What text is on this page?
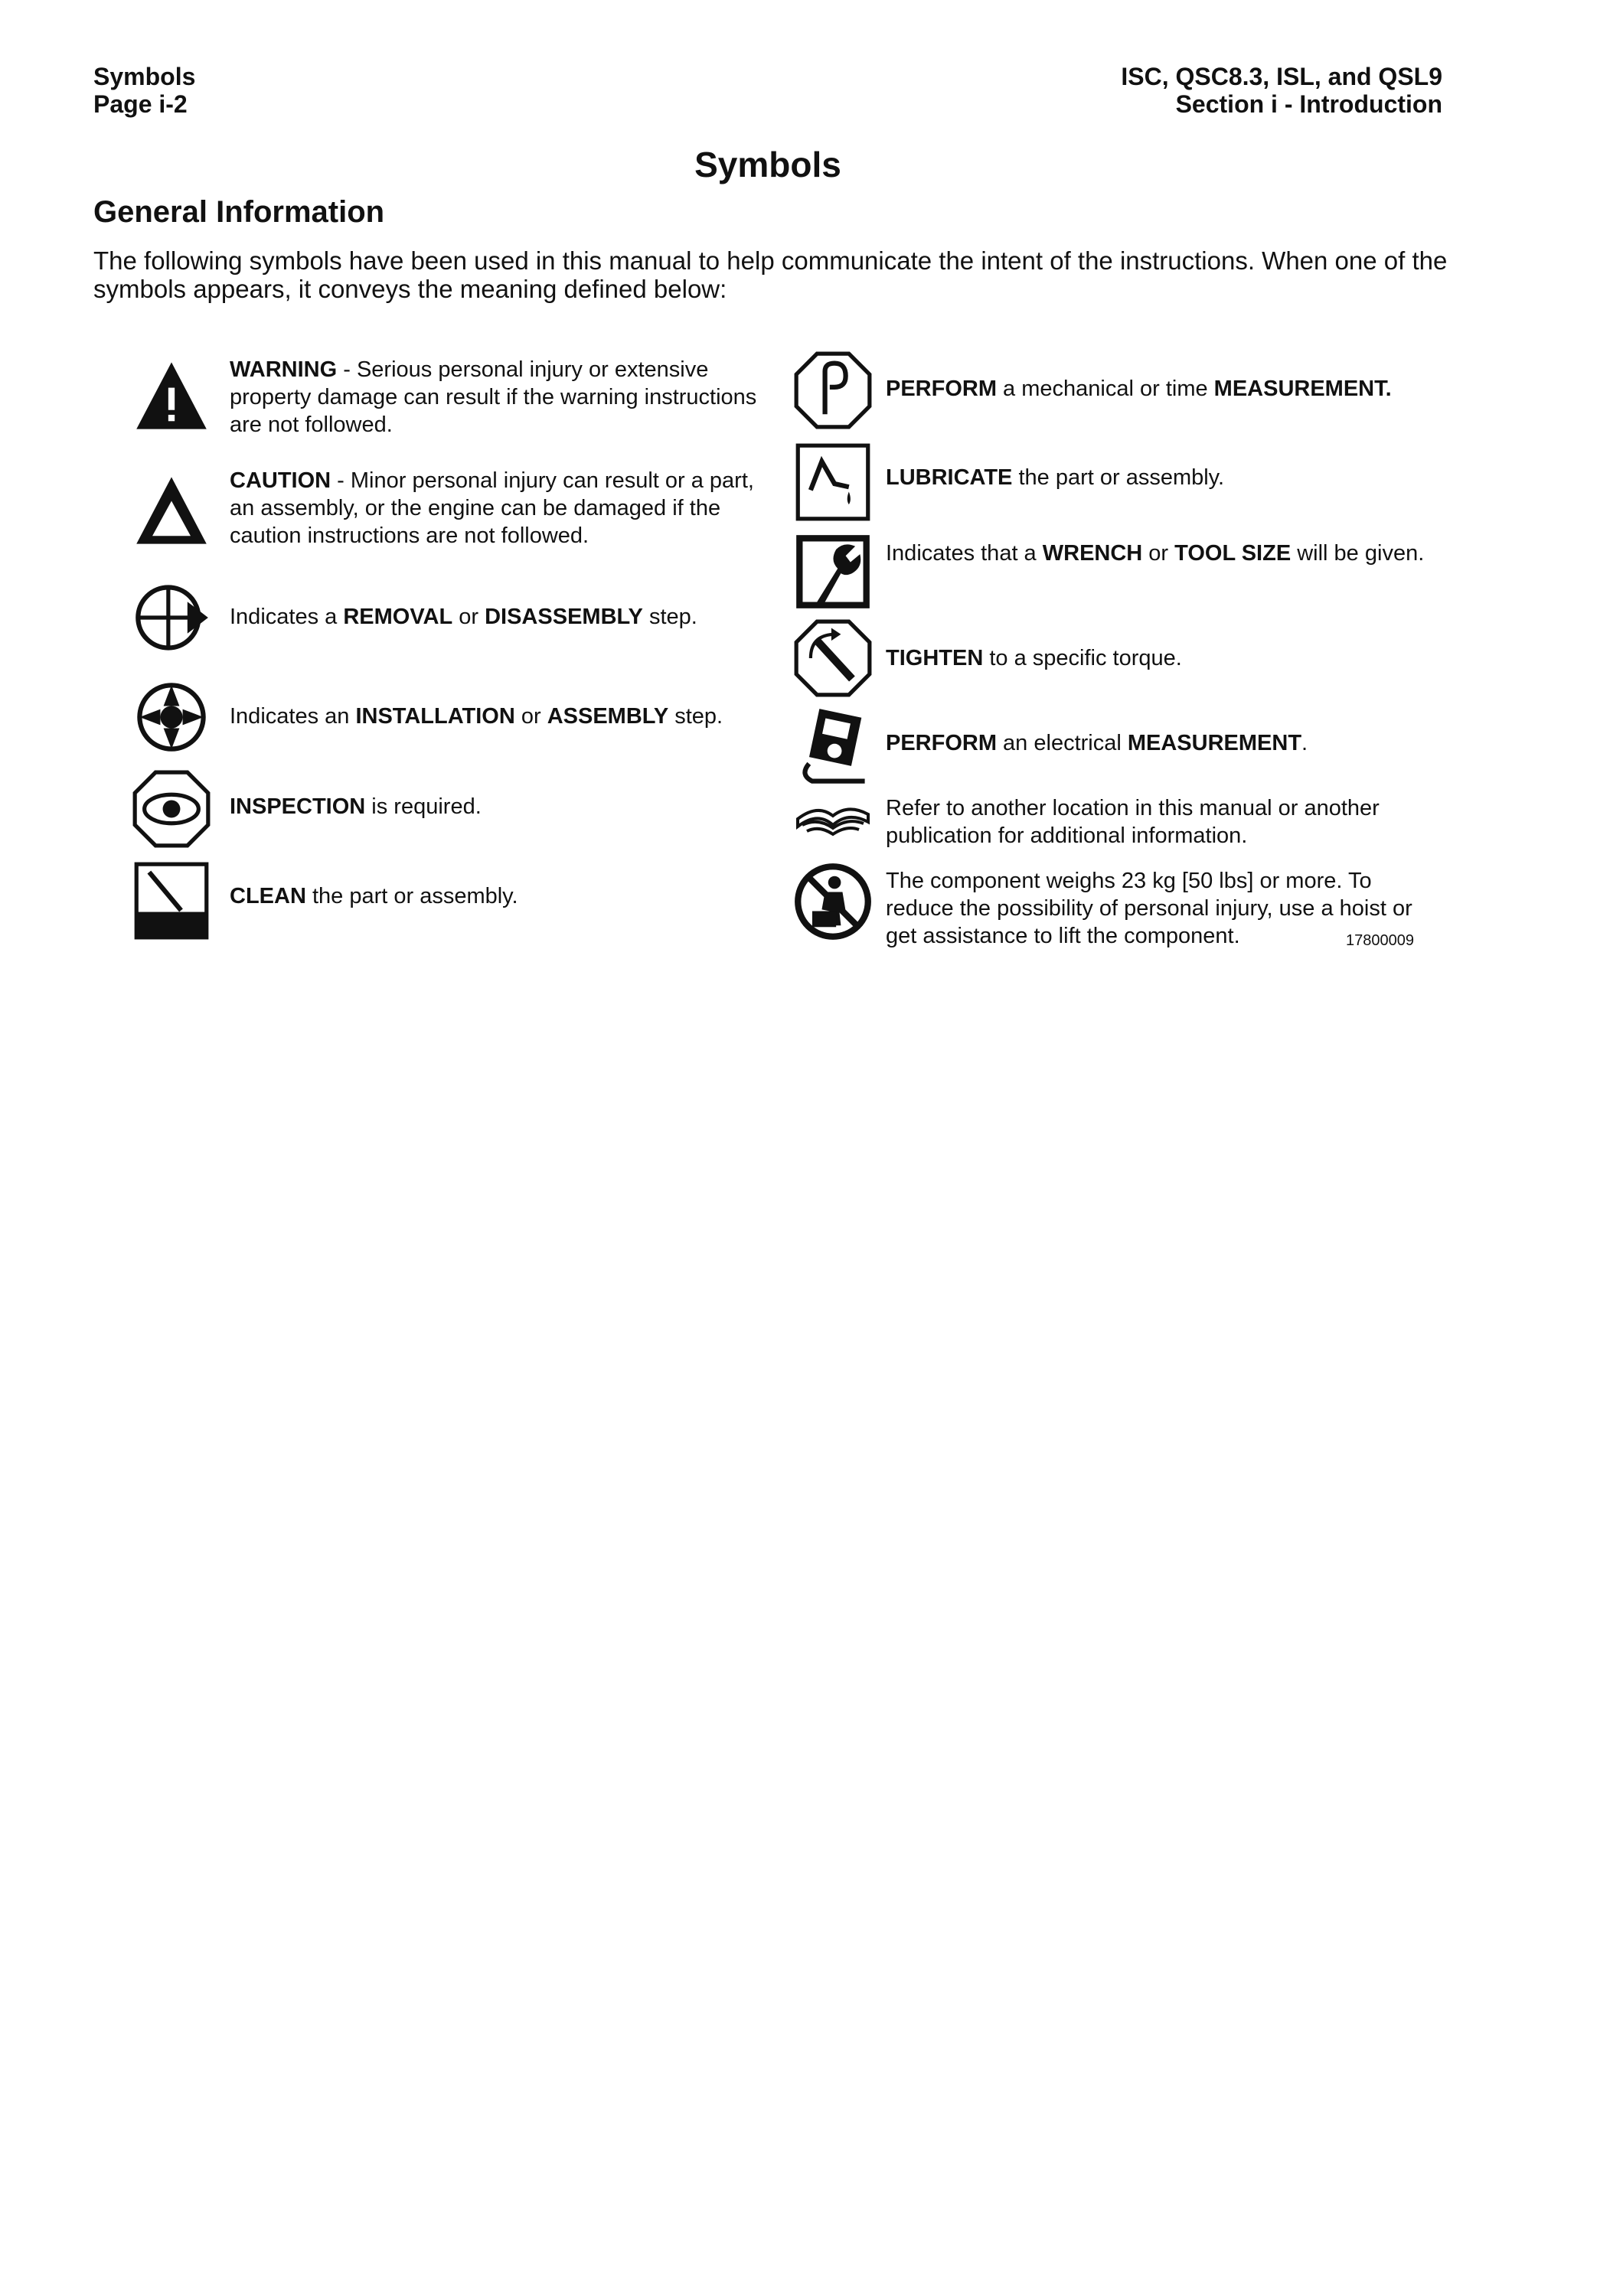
Symbols
Page i-2
ISC, QSC8.3, ISL, and QSL9
Section i - Introduction
Symbols
General Information
The following symbols have been used in this manual to help communicate the intent of the instructions. When one of the symbols appears, it conveys the meaning defined below:
WARNING - Serious personal injury or extensive property damage can result if the warning instructions are not followed.
CAUTION - Minor personal injury can result or a part, an assembly, or the engine can be damaged if the caution instructions are not followed.
Indicates a REMOVAL or DISASSEMBLY step.
Indicates an INSTALLATION or ASSEMBLY step.
INSPECTION is required.
CLEAN the part or assembly.
PERFORM a mechanical or time MEASUREMENT.
LUBRICATE the part or assembly.
Indicates that a WRENCH or TOOL SIZE will be given.
TIGHTEN to a specific torque.
PERFORM an electrical MEASUREMENT.
Refer to another location in this manual or another publication for additional information.
The component weighs 23 kg [50 lbs] or more. To reduce the possibility of personal injury, use a hoist or get assistance to lift the component.	17800009
